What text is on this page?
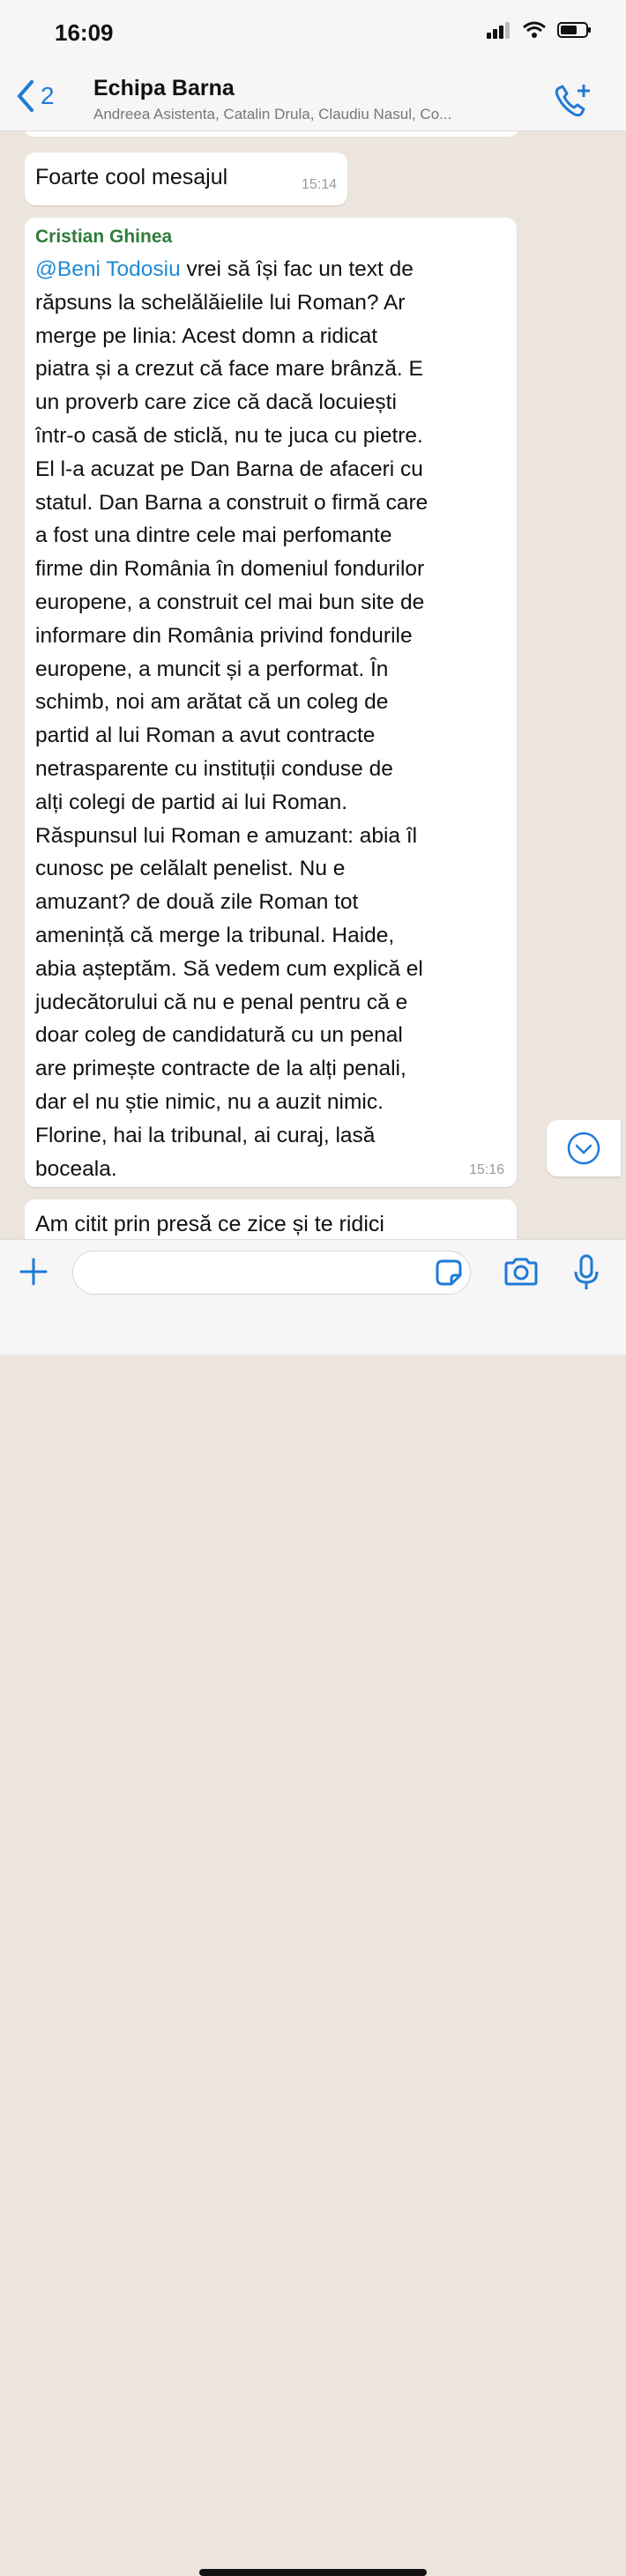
16:09
2 Echipa Barna
Andreea Asistenta, Catalin Drula, Claudiu Nasul, Co...
Foarte cool mesajul	15:14
Cristian Ghinea
@Beni Todosiu vrei să își fac un text de
răpsuns la schelălăielile lui Roman? Ar
merge pe linia: Acest domn a ridicat
piatra și a crezut că face mare brânză. E
un proverb care zice că dacă locuiești
într-o casă de sticlă, nu te juca cu pietre.
El l-a acuzat pe Dan Barna de afaceri cu
statul. Dan Barna a construit o firmă care
a fost una dintre cele mai perfomante
firme din România în domeniul fondurilor
europene, a construit cel mai bun site de
informare din România privind fondurile
europene, a muncit și a performat. În
schimb, noi am arătat că un coleg de
partid al lui Roman a avut contracte
netrasparente cu instituții conduse de
alți colegi de partid ai lui Roman.
Răspunsul lui Roman e amuzant: abia îl
cunosc pe celălalt penelist. Nu e
amuzant? de două zile Roman tot
amenință că merge la tribunal. Haide,
abia așteptăm. Să vedem cum explică el
judecătorului că nu e penal pentru că e
doar coleg de candidatură cu un penal
are primește contracte de la alți penali,
dar el nu știe nimic, nu a auzit nimic.
Florine, hai la tribunal, ai curaj, lasă
boceala.	15:16
Am citit prin presă ce zice și te ridici
